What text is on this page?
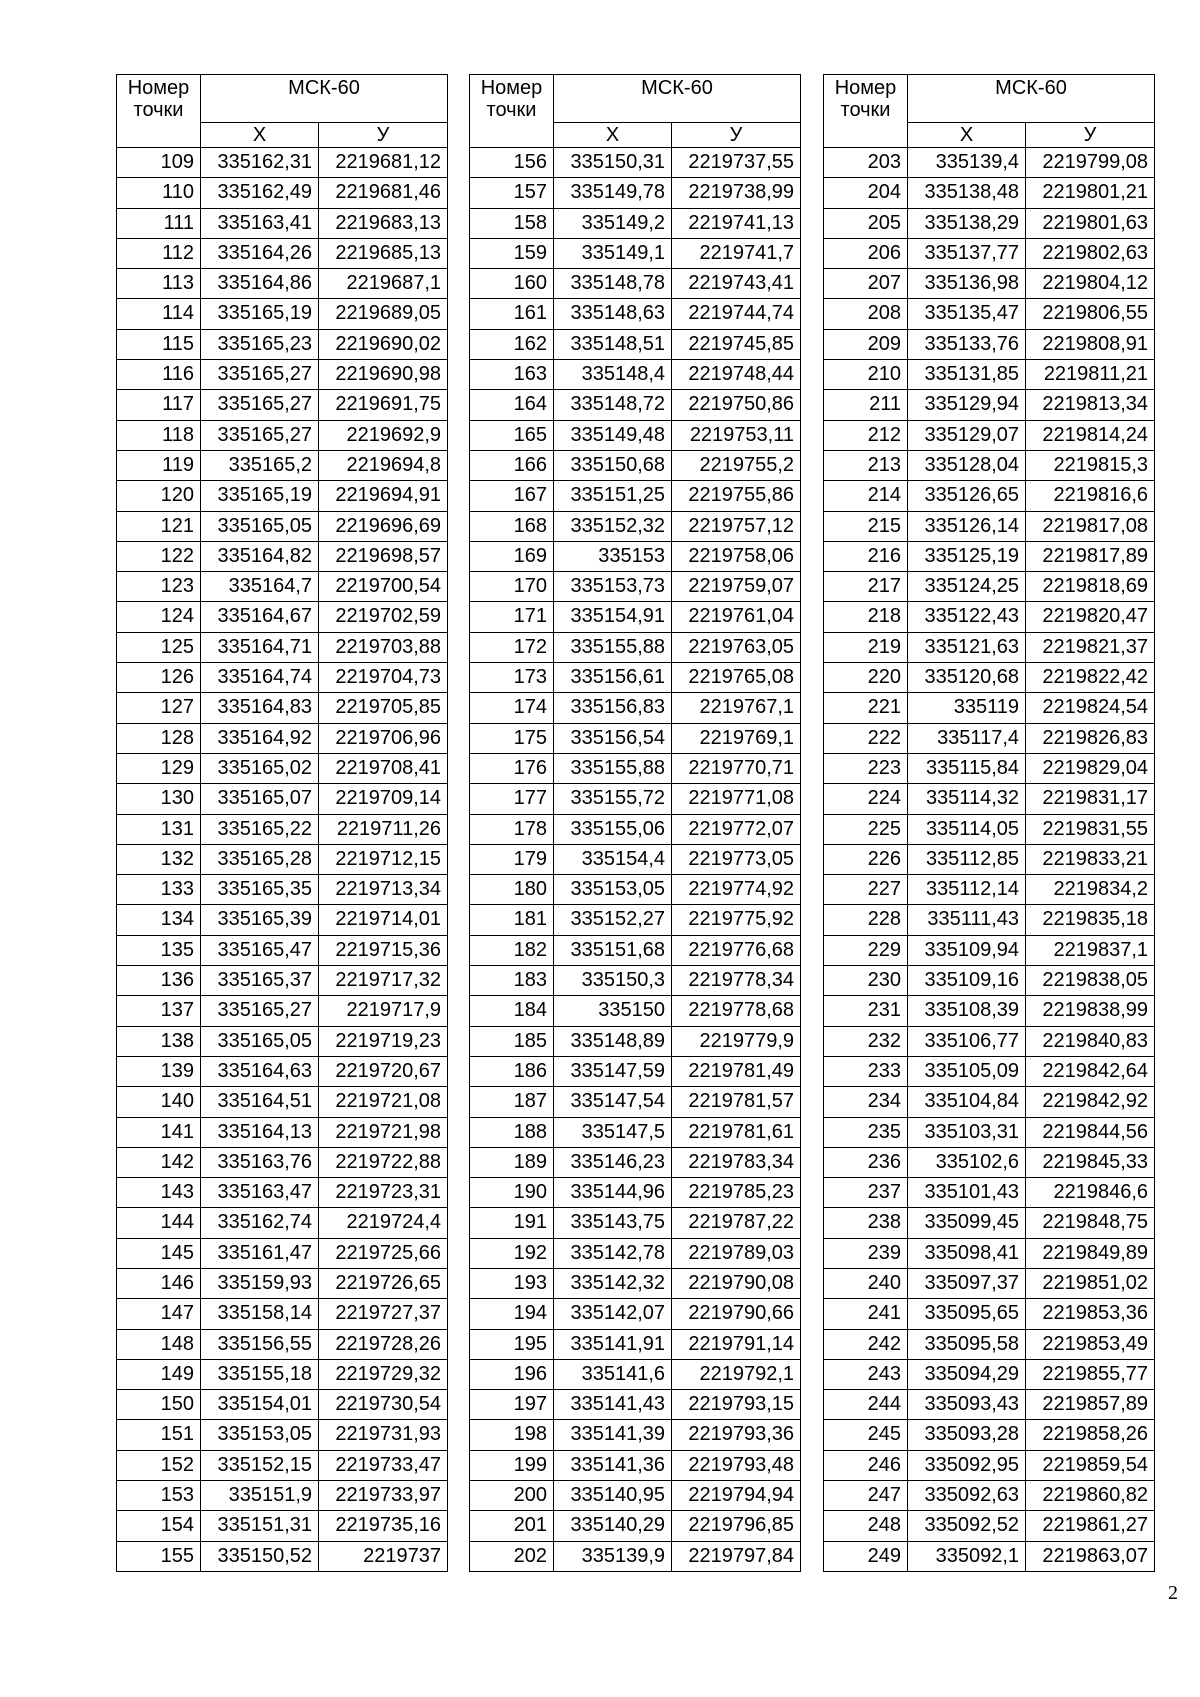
Номер точки	МСК-60	
	X	У
109	335162,31	2219681,12
110	335162,49	2219681,46
111	335163,41	2219683,13
112	335164,26	2219685,13
113	335164,86	2219687,1
114	335165,19	2219689,05
115	335165,23	2219690,02
116	335165,27	2219690,98
117	335165,27	2219691,75
118	335165,27	2219692,9
119	335165,2	2219694,8
120	335165,19	2219694,91
121	335165,05	2219696,69
122	335164,82	2219698,57
123	335164,7	2219700,54
124	335164,67	2219702,59
125	335164,71	2219703,88
126	335164,74	2219704,73
127	335164,83	2219705,85
128	335164,92	2219706,96
129	335165,02	2219708,41
130	335165,07	2219709,14
131	335165,22	2219711,26
132	335165,28	2219712,15
133	335165,35	2219713,34
134	335165,39	2219714,01
135	335165,47	2219715,36
136	335165,37	2219717,32
137	335165,27	2219717,9
138	335165,05	2219719,23
139	335164,63	2219720,67
140	335164,51	2219721,08
141	335164,13	2219721,98
142	335163,76	2219722,88
143	335163,47	2219723,31
144	335162,74	2219724,4
145	335161,47	2219725,66
146	335159,93	2219726,65
147	335158,14	2219727,37
148	335156,55	2219728,26
149	335155,18	2219729,32
150	335154,01	2219730,54
151	335153,05	2219731,93
152	335152,15	2219733,47
153	335151,9	2219733,97
154	335151,31	2219735,16
155	335150,52	2219737
Номер точки	МСК-60	
	X	У
156	335150,31	2219737,55
157	335149,78	2219738,99
158	335149,2	2219741,13
159	335149,1	2219741,7
160	335148,78	2219743,41
161	335148,63	2219744,74
162	335148,51	2219745,85
163	335148,4	2219748,44
164	335148,72	2219750,86
165	335149,48	2219753,11
166	335150,68	2219755,2
167	335151,25	2219755,86
168	335152,32	2219757,12
169	335153	2219758,06
170	335153,73	2219759,07
171	335154,91	2219761,04
172	335155,88	2219763,05
173	335156,61	2219765,08
174	335156,83	2219767,1
175	335156,54	2219769,1
176	335155,88	2219770,71
177	335155,72	2219771,08
178	335155,06	2219772,07
179	335154,4	2219773,05
180	335153,05	2219774,92
181	335152,27	2219775,92
182	335151,68	2219776,68
183	335150,3	2219778,34
184	335150	2219778,68
185	335148,89	2219779,9
186	335147,59	2219781,49
187	335147,54	2219781,57
188	335147,5	2219781,61
189	335146,23	2219783,34
190	335144,96	2219785,23
191	335143,75	2219787,22
192	335142,78	2219789,03
193	335142,32	2219790,08
194	335142,07	2219790,66
195	335141,91	2219791,14
196	335141,6	2219792,1
197	335141,43	2219793,15
198	335141,39	2219793,36
199	335141,36	2219793,48
200	335140,95	2219794,94
201	335140,29	2219796,85
202	335139,9	2219797,84
Номер точки	МСК-60	
	X	У
203	335139,4	2219799,08
204	335138,48	2219801,21
205	335138,29	2219801,63
206	335137,77	2219802,63
207	335136,98	2219804,12
208	335135,47	2219806,55
209	335133,76	2219808,91
210	335131,85	2219811,21
211	335129,94	2219813,34
212	335129,07	2219814,24
213	335128,04	2219815,3
214	335126,65	2219816,6
215	335126,14	2219817,08
216	335125,19	2219817,89
217	335124,25	2219818,69
218	335122,43	2219820,47
219	335121,63	2219821,37
220	335120,68	2219822,42
221	335119	2219824,54
222	335117,4	2219826,83
223	335115,84	2219829,04
224	335114,32	2219831,17
225	335114,05	2219831,55
226	335112,85	2219833,21
227	335112,14	2219834,2
228	335111,43	2219835,18
229	335109,94	2219837,1
230	335109,16	2219838,05
231	335108,39	2219838,99
232	335106,77	2219840,83
233	335105,09	2219842,64
234	335104,84	2219842,92
235	335103,31	2219844,56
236	335102,6	2219845,33
237	335101,43	2219846,6
238	335099,45	2219848,75
239	335098,41	2219849,89
240	335097,37	2219851,02
241	335095,65	2219853,36
242	335095,58	2219853,49
243	335094,29	2219855,77
244	335093,43	2219857,89
245	335093,28	2219858,26
246	335092,95	2219859,54
247	335092,63	2219860,82
248	335092,52	2219861,27
249	335092,1	2219863,07
2
